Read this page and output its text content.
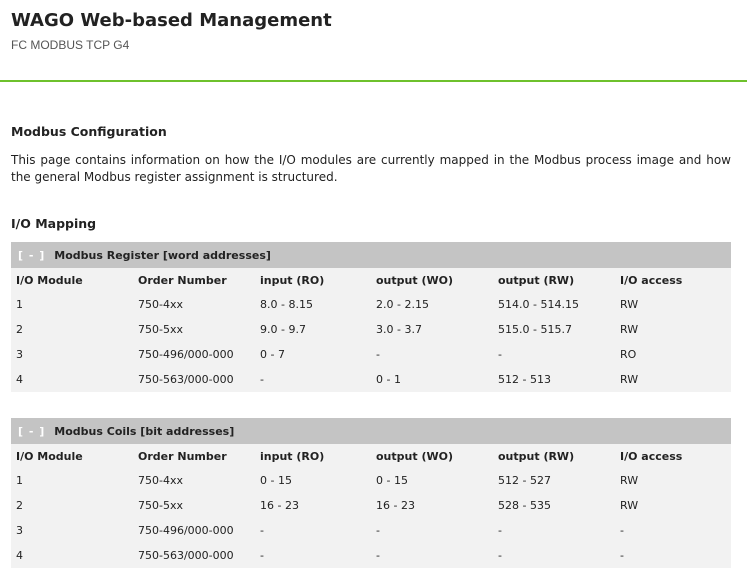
WAGO Web-based Management
FC MODBUS TCP G4
Modbus Configuration
This page contains information on how the I/O modules are currently mapped in the Modbus process image and how the general Modbus register assignment is structured.
I/O Mapping
[ - ] Modbus Register [word addresses]
I/O Module	Order Number	input (RO)	output (WO)	output (RW)	I/O access
1	750-4xx	8.0 - 8.15	2.0 - 2.15	514.0 - 514.15	RW
2	750-5xx	9.0 - 9.7	3.0 - 3.7	515.0 - 515.7	RW
3	750-496/000-000	0 - 7	-	-	RO
4	750-563/000-000	-	0 - 1	512 - 513	RW
[ - ] Modbus Coils [bit addresses]
I/O Module	Order Number	input (RO)	output (WO)	output (RW)	I/O access
1	750-4xx	0 - 15	0 - 15	512 - 527	RW
2	750-5xx	16 - 23	16 - 23	528 - 535	RW
3	750-496/000-000	-	-	-	-
4	750-563/000-000	-	-	-	-
